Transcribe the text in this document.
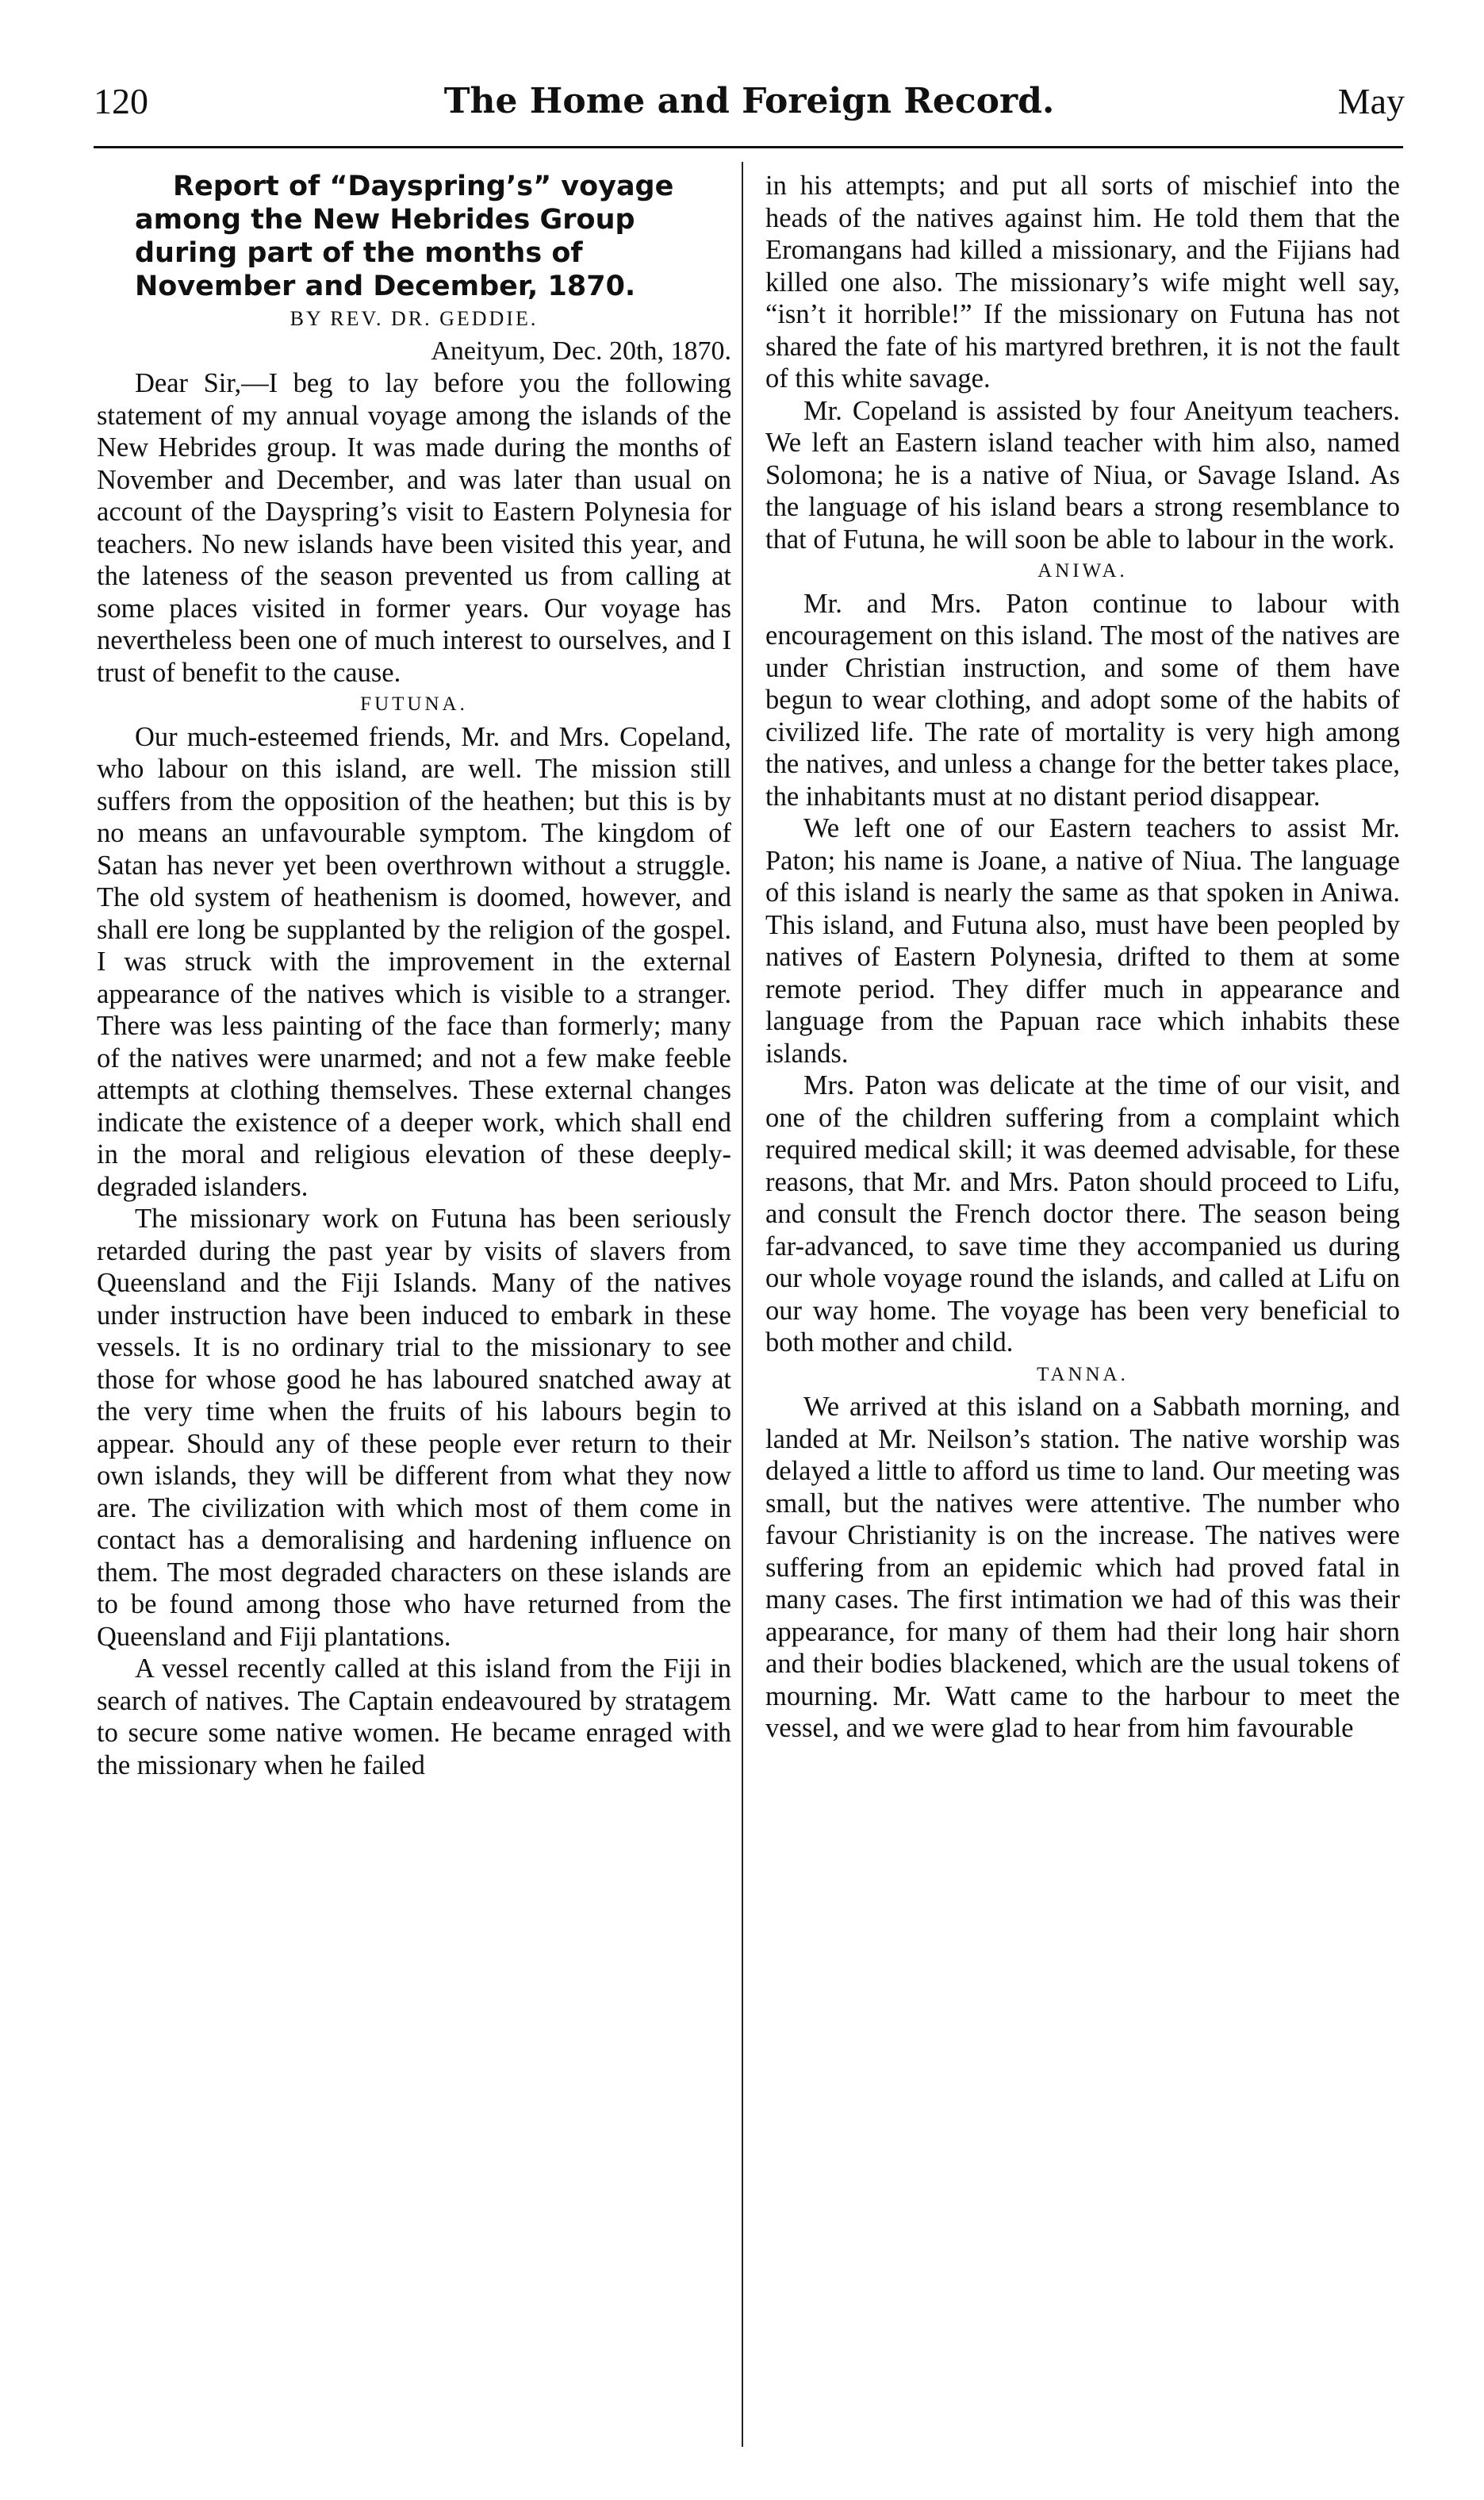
120	The Home and Foreign Record.	May

Report of “Dayspring’s” voyage among the New Hebrides Group during part of the months of November and December, 1870.

BY REV. DR. GEDDIE.

Aneityum, Dec. 20th, 1870.

Dear Sir,—I beg to lay before you the following statement of my annual voyage among the islands of the New Hebrides group. It was made during the months of November and December, and was later than usual on account of the Dayspring’s visit to Eastern Polynesia for teachers. No new islands have been visited this year, and the lateness of the season prevented us from calling at some places visited in former years. Our voyage has nevertheless been one of much interest to ourselves, and I trust of benefit to the cause.

FUTUNA.

Our much-esteemed friends, Mr. and Mrs. Copeland, who labour on this island, are well. The mission still suffers from the opposition of the heathen; but this is by no means an unfavourable symptom. The kingdom of Satan has never yet been overthrown without a struggle. The old system of heathenism is doomed, however, and shall ere long be supplanted by the religion of the gospel. I was struck with the improvement in the external appearance of the natives which is visible to a stranger. There was less painting of the face than formerly; many of the natives were unarmed; and not a few make feeble attempts at clothing themselves. These external changes indicate the existence of a deeper work, which shall end in the moral and religious elevation of these deeply-degraded islanders.

The missionary work on Futuna has been seriously retarded during the past year by visits of slavers from Queensland and the Fiji Islands. Many of the natives under instruction have been induced to embark in these vessels. It is no ordinary trial to the missionary to see those for whose good he has laboured snatched away at the very time when the fruits of his labours begin to appear. Should any of these people ever return to their own islands, they will be different from what they now are. The civilization with which most of them come in contact has a demoralising and hardening influence on them. The most degraded characters on these islands are to be found among those who have returned from the Queensland and Fiji plantations.

A vessel recently called at this island from the Fiji in search of natives. The Captain endeavoured by stratagem to secure some native women. He became enraged with the missionary when he failed

in his attempts; and put all sorts of mischief into the heads of the natives against him. He told them that the Eromangans had killed a missionary, and the Fijians had killed one also. The missionary’s wife might well say, “isn’t it horrible!” If the missionary on Futuna has not shared the fate of his martyred brethren, it is not the fault of this white savage.

Mr. Copeland is assisted by four Aneityum teachers. We left an Eastern island teacher with him also, named Solomona; he is a native of Niua, or Savage Island. As the language of his island bears a strong resemblance to that of Futuna, he will soon be able to labour in the work.

ANIWA.

Mr. and Mrs. Paton continue to labour with encouragement on this island. The most of the natives are under Christian instruction, and some of them have begun to wear clothing, and adopt some of the habits of civilized life. The rate of mortality is very high among the natives, and unless a change for the better takes place, the inhabitants must at no distant period disappear.

We left one of our Eastern teachers to assist Mr. Paton; his name is Joane, a native of Niua. The language of this island is nearly the same as that spoken in Aniwa. This island, and Futuna also, must have been peopled by natives of Eastern Polynesia, drifted to them at some remote period. They differ much in appearance and language from the Papuan race which inhabits these islands.

Mrs. Paton was delicate at the time of our visit, and one of the children suffering from a complaint which required medical skill; it was deemed advisable, for these reasons, that Mr. and Mrs. Paton should proceed to Lifu, and consult the French doctor there. The season being far-advanced, to save time they accompanied us during our whole voyage round the islands, and called at Lifu on our way home. The voyage has been very beneficial to both mother and child.

TANNA.

We arrived at this island on a Sabbath morning, and landed at Mr. Neilson’s station. The native worship was delayed a little to afford us time to land. Our meeting was small, but the natives were attentive. The number who favour Christianity is on the increase. The natives were suffering from an epidemic which had proved fatal in many cases. The first intimation we had of this was their appearance, for many of them had their long hair shorn and their bodies blackened, which are the usual tokens of mourning. Mr. Watt came to the harbour to meet the vessel, and we were glad to hear from him favourable
